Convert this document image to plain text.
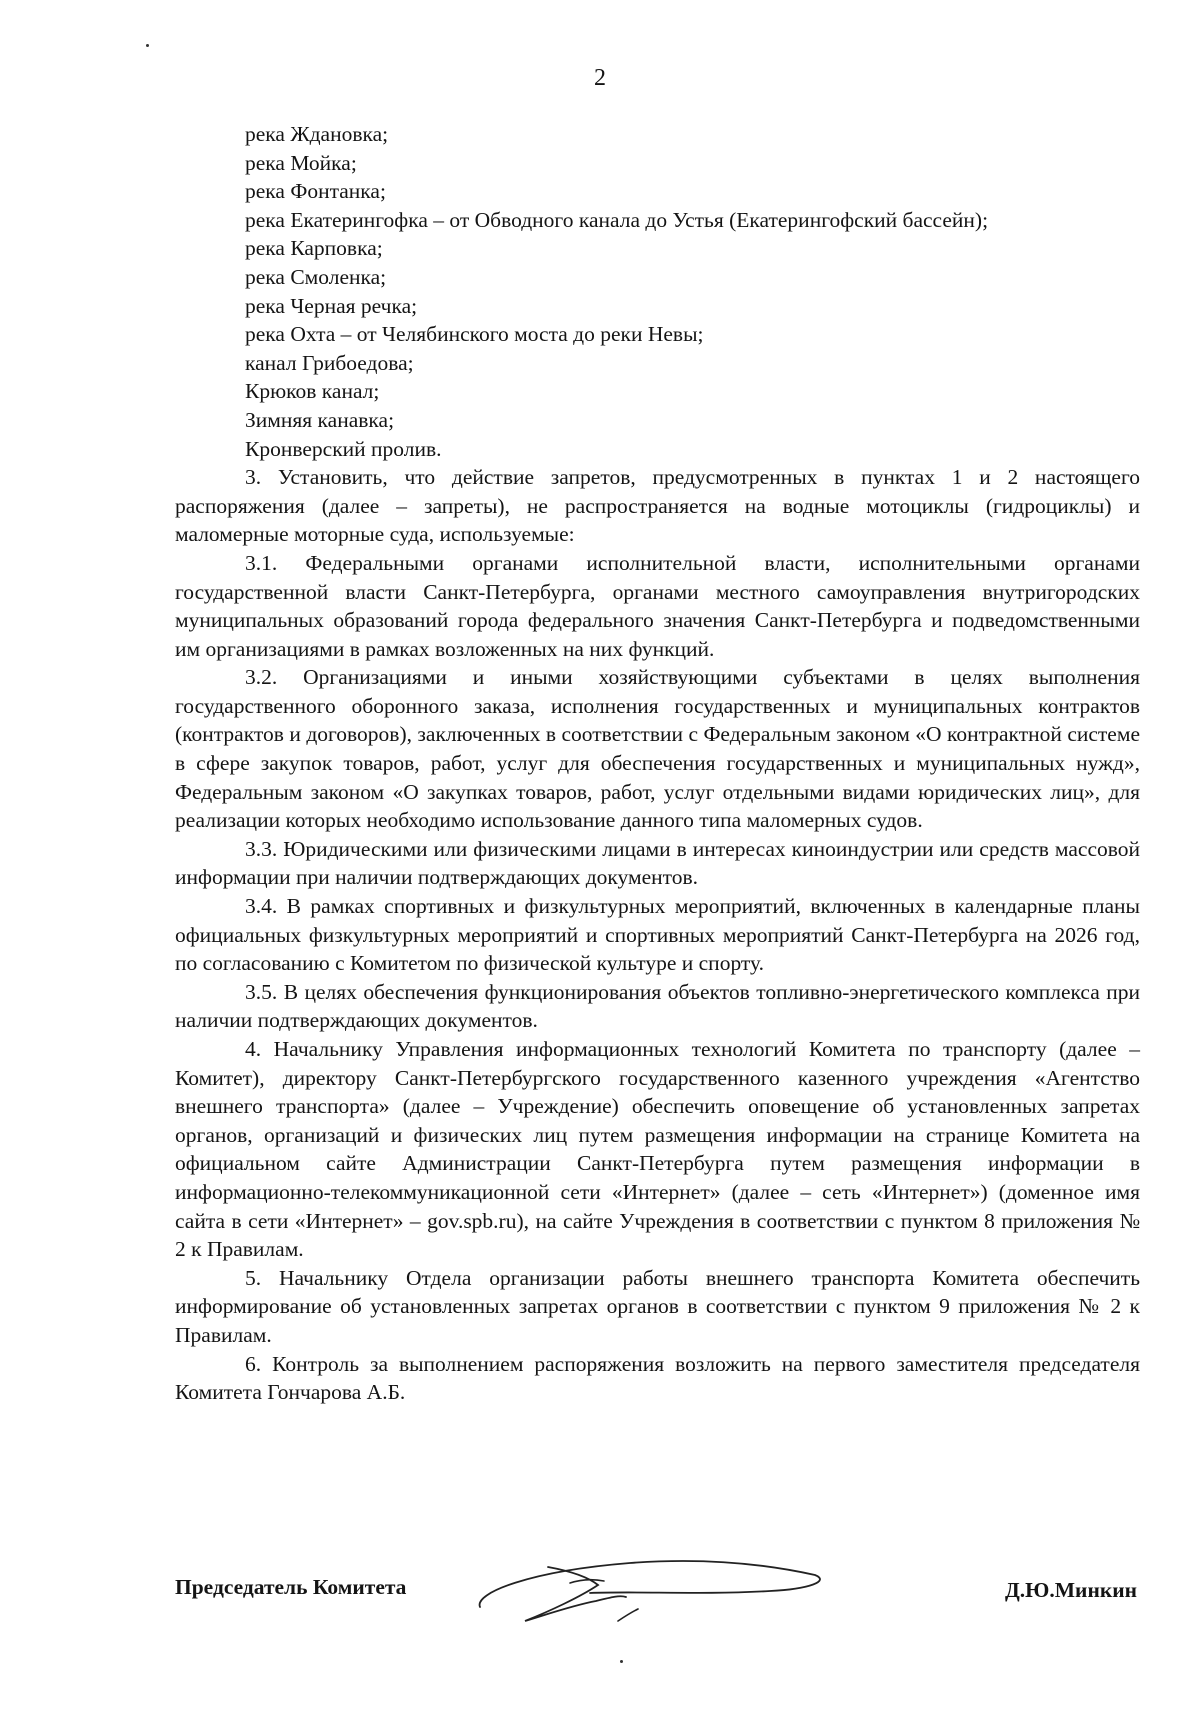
2
река Ждановка;
река Мойка;
река Фонтанка;
река Екатерингофка – от Обводного канала до Устья (Екатерингофский бассейн);
река Карповка;
река Смоленка;
река Черная речка;
река Охта – от Челябинского моста до реки Невы;
канал Грибоедова;
Крюков канал;
Зимняя канавка;
Кронверский пролив.

3. Установить, что действие запретов, предусмотренных в пунктах 1 и 2 настоящего распоряжения (далее – запреты), не распространяется на водные мотоциклы (гидроциклы) и маломерные моторные суда, используемые:

3.1. Федеральными органами исполнительной власти, исполнительными органами государственной власти Санкт-Петербурга, органами местного самоуправления внутригородских муниципальных образований города федерального значения Санкт-Петербурга и подведомственными им организациями в рамках возложенных на них функций.

3.2. Организациями и иными хозяйствующими субъектами в целях выполнения государственного оборонного заказа, исполнения государственных и муниципальных контрактов (контрактов и договоров), заключенных в соответствии с Федеральным законом «О контрактной системе в сфере закупок товаров, работ, услуг для обеспечения государственных и муниципальных нужд», Федеральным законом «О закупках товаров, работ, услуг отдельными видами юридических лиц», для реализации которых необходимо использование данного типа маломерных судов.

3.3. Юридическими или физическими лицами в интересах киноиндустрии или средств массовой информации при наличии подтверждающих документов.

3.4. В рамках спортивных и физкультурных мероприятий, включенных в календарные планы официальных физкультурных мероприятий и спортивных мероприятий Санкт-Петербурга на 2026 год, по согласованию с Комитетом по физической культуре и спорту.

3.5. В целях обеспечения функционирования объектов топливно-энергетического комплекса при наличии подтверждающих документов.

4. Начальнику Управления информационных технологий Комитета по транспорту (далее – Комитет), директору Санкт-Петербургского государственного казенного учреждения «Агентство внешнего транспорта» (далее – Учреждение) обеспечить оповещение об установленных запретах органов, организаций и физических лиц путем размещения информации на странице Комитета на официальном сайте Администрации Санкт-Петербурга путем размещения информации в информационно-телекоммуникационной сети «Интернет» (далее – сеть «Интернет») (доменное имя сайта в сети «Интернет» – gov.spb.ru), на сайте Учреждения в соответствии с пунктом 8 приложения № 2 к Правилам.

5. Начальнику Отдела организации работы внешнего транспорта Комитета обеспечить информирование об установленных запретах органов в соответствии с пунктом 9 приложения № 2 к Правилам.

6. Контроль за выполнением распоряжения возложить на первого заместителя председателя Комитета Гончарова А.Б.

Председатель Комитета	Д.Ю.Минкин
